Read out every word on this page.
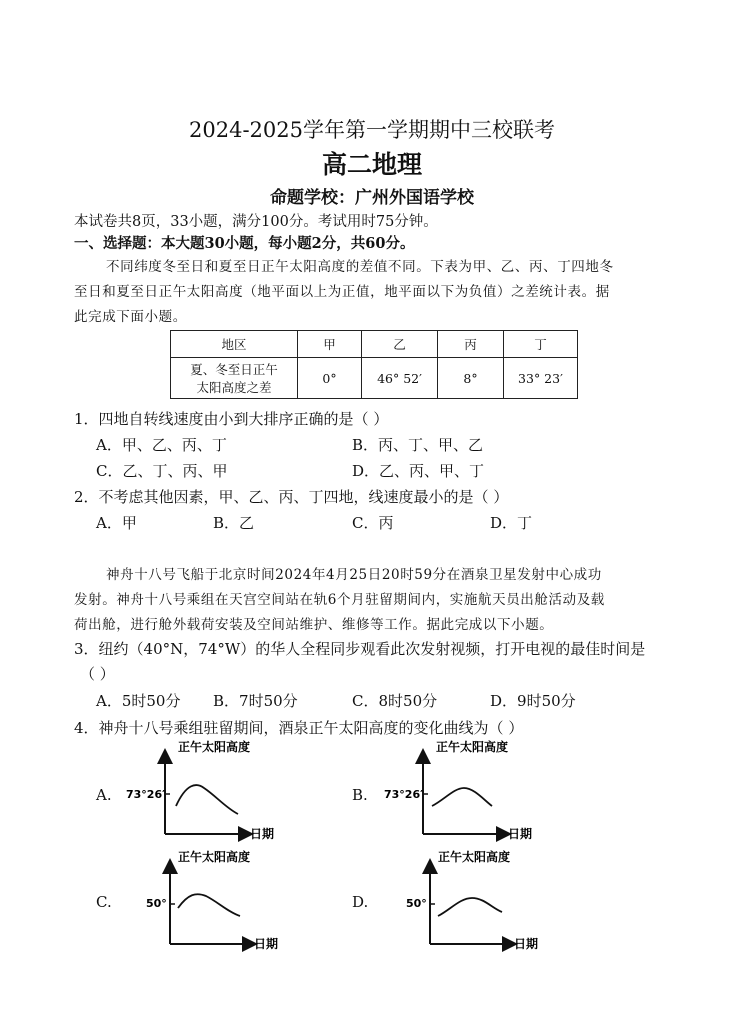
2024-2025学年第一学期期中三校联考
高二地理
命题学校：广州外国语学校
本试卷共8页，33小题，满分100分。考试用时75分钟。
一、选择题：本大题30小题，每小题2分，共60分。
不同纬度冬至日和夏至日正午太阳高度的差值不同。下表为甲、乙、丙、丁四地冬
至日和夏至日正午太阳高度（地平面以上为正值，地平面以下为负值）之差统计表。据
此完成下面小题。
地区	甲	乙	丙	丁

夏、冬至日正午
太阳高度之差	0°	46° 52′	8°	33° 23′
1．四地自转线速度由小到大排序正确的是（ ）
A．甲、乙、丙、丁	B．丙、丁、甲、乙
C．乙、丁、丙、甲	D．乙、丙、甲、丁
2．不考虑其他因素，甲、乙、丙、丁四地，线速度最小的是（ ）
A．甲	B．乙	C．丙	D．丁
神舟十八号飞船于北京时间2024年4月25日20时59分在酒泉卫星发射中心成功
发射。神舟十八号乘组在天宫空间站在轨6个月驻留期间内，实施航天员出舱活动及载
荷出舱，进行舱外载荷安装及空间站维护、维修等工作。据此完成以下小题。
3．纽约（40°N，74°W）的华人全程同步观看此次发射视频，打开电视的最佳时间是
（ ）
A．5时50分 B．7时50分	C．8时50分	D．9时50分
4．神舟十八号乘组驻留期间，酒泉正午太阳高度的变化曲线为（ ）
A.
正午太阳高度
73°26′
日期
B.
正午太阳高度
73°26′
日期
C.
正午太阳高度
50°
日期
D.
正午太阳高度
50°
日期
